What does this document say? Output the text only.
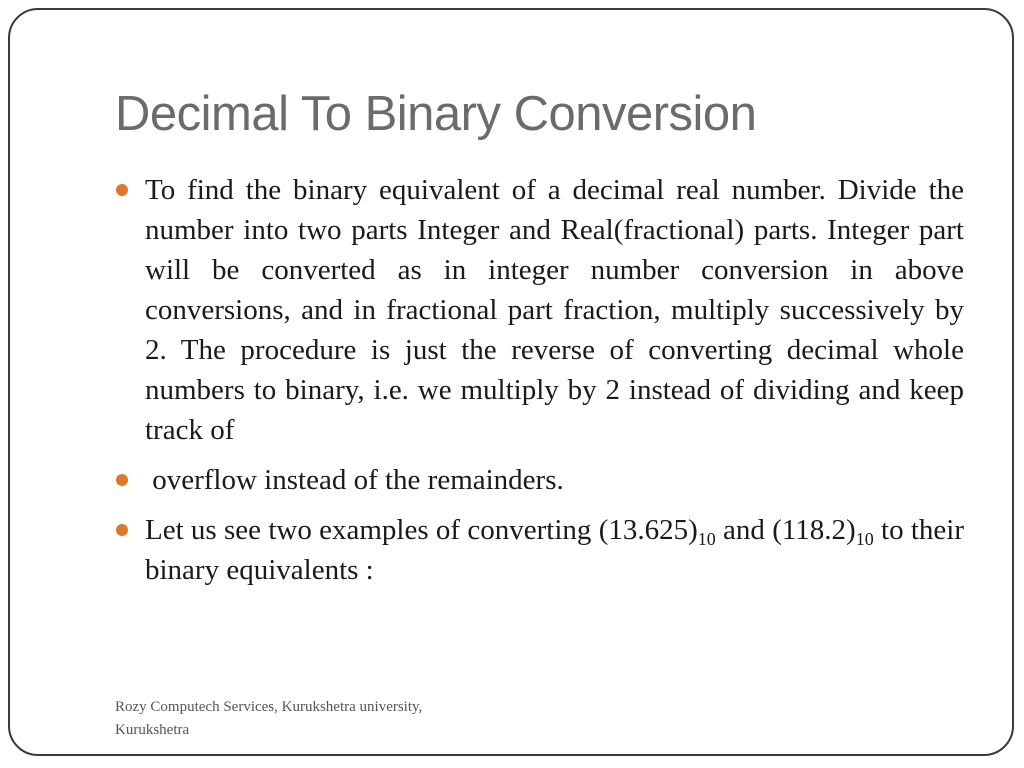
Decimal To Binary Conversion
To find the binary equivalent of a decimal real number. Divide the number into two parts Integer and Real(fractional) parts. Integer part will be converted as in integer number conversion in above conversions, and in fractional part fraction, multiply successively by 2. The procedure is just the reverse of converting decimal whole numbers to binary, i.e. we multiply by 2 instead of dividing and keep track of
overflow instead of the remainders.
Let us see two examples of converting $(13.625)_{10}$ and $(118.2)_{10}$ to their binary equivalents :
Rozy Computech Services, Kurukshetra university,
Kurukshetra
